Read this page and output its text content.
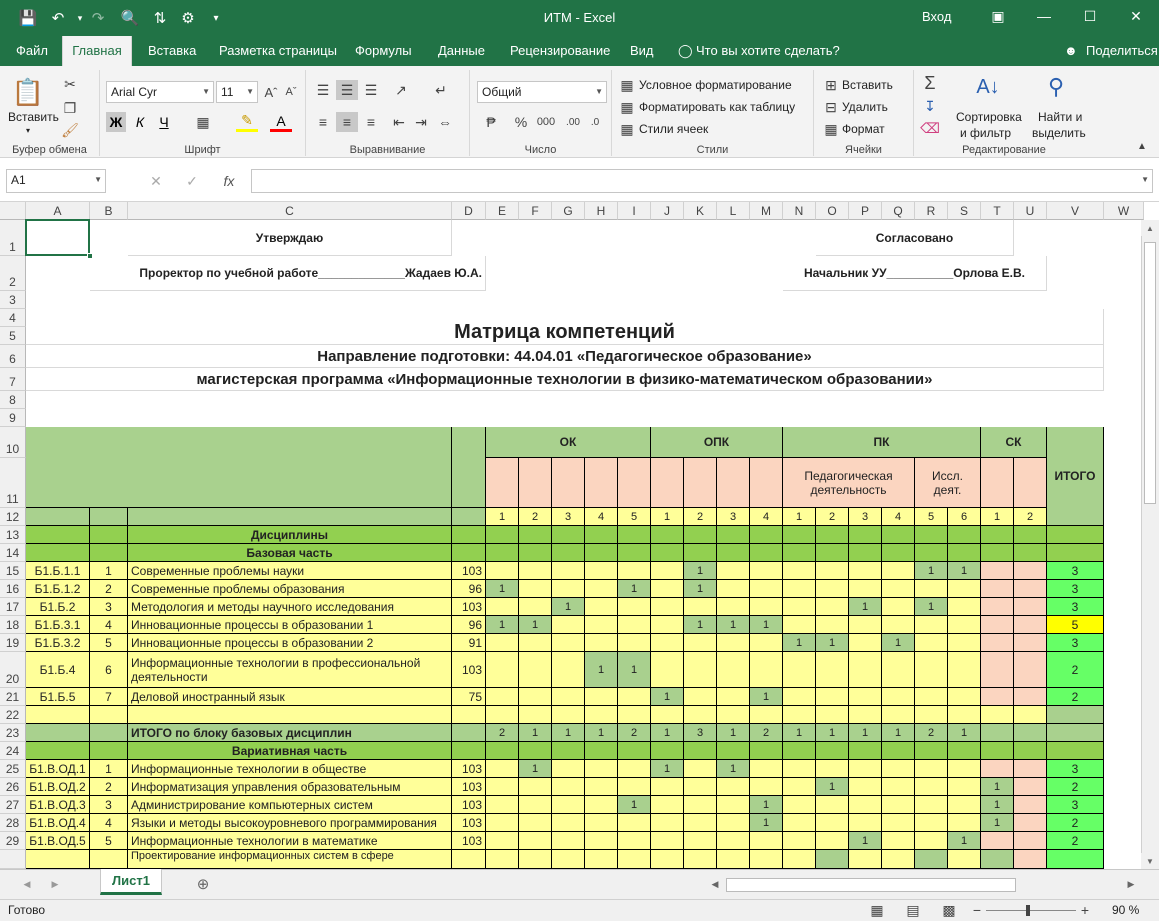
💾 ↶	▾ ↷ 🔍 ⇅ ⚙	▾	ИТМ - Excel	Вход	▣	—	☐	✕
Файл	Главная	Вставка Разметка страницы Формулы Данные Рецензирование Вид ◯ Что вы хотите сделать?	☻ Поделиться
📋
Вставить
▾
✂
❐
🖌
Буфер обмена
Arial Cyr	▼ 11 ▼ Aˆ Aˇ
Ж К	Ч	▦	✎	A
Шрифт
☰ ☰ ☰	↗	↵
≡	≡	≡	⇤ ⇥ ⇔
Выравнивание
Общий	▼
₱	% 000	.00	.0
Число
▦ Условное форматирование
▦ Форматировать как таблицу
▦ Стили ячеек
Стили
⊞ Вставить
⊟ Удалить
▦ Формат
Ячейки
Σ
↧
⌫
A↓
Сортировка
и фильтр
⚲
Найти и
выделить
Редактирование	▲
A1	▼	✕ ✓	fx	▼
A	B	C	D	E	F	G	H	I	J	K	L	M	N	O	P	Q	R	S	T	U	V	W
1
2
3
4
5
6
7
8
9
10
11
12
13
14
15
16
17
18
19
20
21
22
23
24
25
26
27
28
29
Утверждаю	Согласовано
Проректор по учебной работе_____________Жадаев Ю.А.	Начальник УУ__________Орлова Е.В.
Матрица компетенций
Направление подготовки: 44.04.01 «Педагогическое образование»
магистерская программа «Информационные технологии в физико-математическом образовании»
ОК	ОПК	ПК	СК
ИТОГО
Педагогическая
деятельность
Иссл.
деят.
1	2	3	4	5	1	2	3	4	1	2	3	4	5	6	1	2
Дисциплины
Базовая часть
Б1.Б.1.1	1	Современные проблемы науки	103	1	1	1	3
Б1.Б.1.2	2	Современные проблемы образования	96	1	1	1	3
Б1.Б.2	3	Методология и методы научного исследования	103	1	1	1	3
Б1.Б.3.1	4	Инновационные процессы в образовании 1	96	1	1	1	1	1	5
Б1.Б.3.2	5	Инновационные процессы в образовании 2	91	1	1	1	3
Б1.Б.4	6	Информационные технологии в профессиональной
деятельности	103	1	1	2
Б1.Б.5	7	Деловой иностранный язык	75	1	1	2
ИТОГО по блоку базовых дисциплин	2	1	1	1	2	1	3	1	2	1	1	1	1	2	1
Вариативная часть
Б1.В.ОД.1	1	Информационные технологии в обществе	103	1	1	1	3
Б1.В.ОД.2	2	Информатизация управления образовательным	103	1	1	2
Б1.В.ОД.3	3	Администрирование компьютерных систем	103	1	1	1	3
Б1.В.ОД.4	4	Языки и методы высокоуровневого программирования	103	1	1	2
Б1.В.ОД.5	5	Информационные технологии в математике	103	1	1	2
Проектирование информационных систем в сфере
▲
▼
◀	▶	Лист1	⊕	◀	▶
Готово	▦ ▤ ▩ −	+ 90 %
